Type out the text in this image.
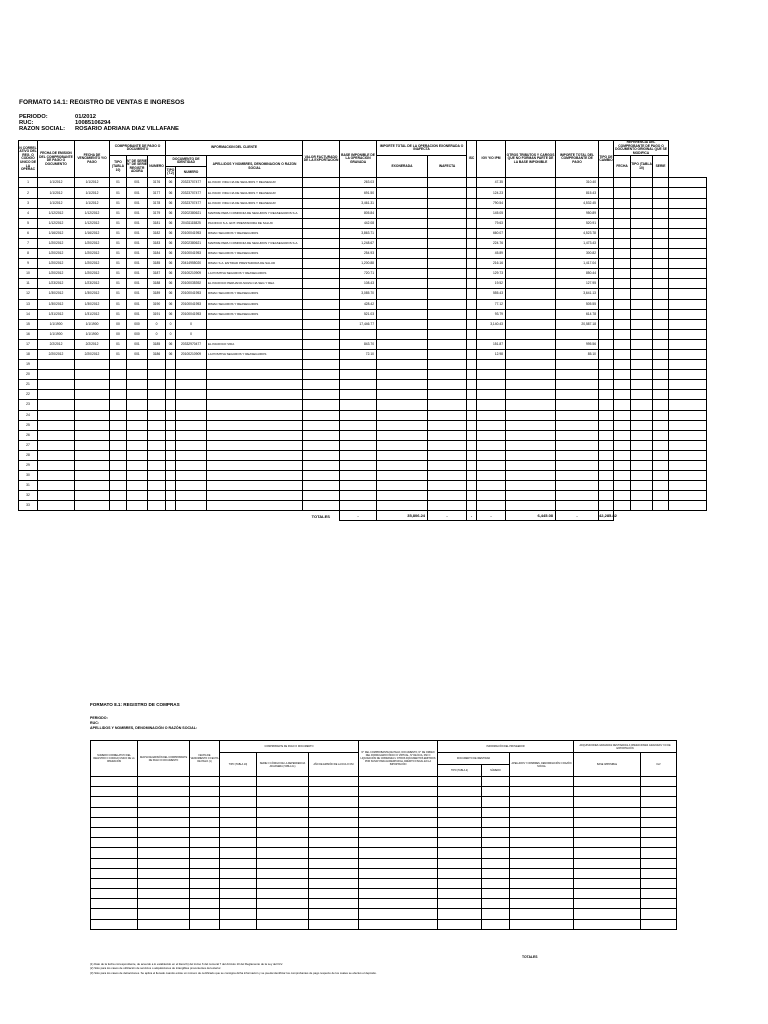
FORMATO 14.1: REGISTRO DE VENTAS E INGRESOS
PERIODO:	01/2012
RUC:	10085106294
RAZON SOCIAL:	ROSARIO ADRIANA DIAZ VILLAFANE
N CORREL ATIVO DEL REG. O CODIGO UNICO DE LA OPERAC	FECHA DE EMISION DEL COMPROBANTE DE PAGO O DOCUMENTO	FECHA DE VENCIMIENTO Y/O PAGO	COMPROBANTE DE PAGO O DOCUMENTO			INFORMACION DEL CLIENTE			VALOR FACTURADO DE LA EXPORTACIÓN	BASE IMPONIBLE DE LA OPERACIÓN GRAVADA	IMPORTE TOTAL DE LA OPERACION EXONERADA O INAFECTA		ISC	IGV Y/O IPM	OTROS TRIBUTOS Y CARGOS QUE NO FORMAN PARTE DE LA BASE IMPONIBLE	IMPORTE TOTAL DEL COMPROBANTE DE PAGO	TIPO DE CAMBIO	REFERENCIA DEL COMPROBANTE DE PAGO O DOCUMENTO ORIGINAL QUE SE MODIFICA			
			TIPO (TABLA 10)	N° DE SERIE N° DE SERIE REGISTR ADORA	NUMERO	DOCUMENTO DE IDENTIDAD		APELLIDOS Y NOMBRES, DENOMINACION O RAZON SOCIAL			EXONERADA	INAFECTA						FECHA	TIPO (TABLA 10)	SERIE	
						TIPO (T.2)	NUMERO														

1	1/1/2012	1/1/2012	01	001	3176	06	20323707477	EL PACIF VIDA CIA DE SEGUROS Y REASEGUR		263.03				47.35		310.40					
2	1/1/2012	1/1/2012	01	001	3177	06	20323707477	EL PACIF VIDA CIA DE SEGUROS Y REASEGUR		691.50				124.23		815.43					
3	1/1/2012	1/1/2012	01	001	3178	06	20323707477	EL PACIF VIDA CIA DE SEGUROS Y REASEGUR		3,461.31				790.54		4,532.45					
4	1/12/2012	1/12/2012	01	001	3179	06	20202380621	MAPFRE PERU COMPANIA DE SEGUROS Y REASEGUROS S.A.		805.84				145.05		950.89					
5	1/12/2012	1/12/2012	01	001	3181	06	20431115825	PACIFICO S.A. ENT. PRESTADORA DE SALUD		442.08				79.63		520.91					
6	1/16/2012	1/16/2012	01	001	3182	06	20100041953	RIMAC SEGUROS Y REASEGUROS		3,863.71				660.07		4,523.78					
7	1/20/2012	1/20/2012	01	001	3183	06	20202380621	MAPFRE PERU COMPANIA DE SEGUROS Y REASEGUROS S.A.		1,248.67				224.76		1,473.43					
8	1/20/2012	1/20/2012	01	001	3184	06	20100041953	RIMAC SEGUROS Y REASEGUROS		254.93				45.89		300.82					
9	1/20/2012	1/20/2012	01	001	3185	06	20414955020	RIMAC S.A. ENTIDAD PRESTADORA DE SALUD		1,200.88				216.16		1,417.04					
10	1/20/2012	1/20/2012	01	001	3187	06	20100210909	LA POSITIVA SEGUROS Y REASEGUROS		720.71				129.73		850.44					
11	1/23/2012	1/23/2012	01	001	3188	06	20100035392	EL PACIFICO PERUANO-SUIZA CIA SEG Y REA		108.43				19.52		127.95					
12	1/30/2012	1/30/2012	01	001	3189	06	20100041953	RIMAC SEGUROS Y REASEGUROS		3,085.70				555.43		3,641.13					
13	1/30/2012	1/30/2012	01	001	3190	06	20100041953	RIMAC SEGUROS Y REASEGUROS		428.42				77.12		505.55					
14	1/31/2012	1/31/2012	01	001	3191	06	20100041953	RIMAC SEGUROS Y REASEGUROS		521.03				93.79		614.78					
15	1/1/1900	1/1/1900	00	000	0	0	0			17,446.77				3,140.43		20,587.18					
16	1/1/1900	1/1/1900	00	000	0	0	0														
17	2/2/2012	2/2/2012	01	001	3185	06	20332970477	EL PACIFICO VIDA		843.70				151.87		995.56					
18	2/20/2012	2/20/2012	01	001	3186	06	20100210909	LA POSITIVA SEGUROS Y REASEGUROS		72.10				12.98		85.10					
19																					
20																					
21																					
22																					
23																					
24																					
25																					
26																					
27																					
28																					
29																					
30																					
31																					
32																					
33																					
									TOTALES	-	35,806.24	-	-	-	6,445.08	-	42,285.82				
FORMATO 8.1: REGISTRO DE COMPRAS
PERIODO:
RUC:
APELLIDOS Y NOMBRES, DENOMINACIÓN O RAZÓN SOCIAL:
NUMERO CORRELATIVO DEL REGISTRO O CODIGO UNICO DE LA OPERACIÓN	FECHA DE EMISIÓN DEL COMPROBANTE DE PAGO O DOCUMENTO	FECHA DE VENCIMIENTO O FECHA DE PAGO (1)	COMPROBANTE DE PAGO O DOCUMENTO			N° DEL COMPROBANTE DE PAGO, DOCUMENTO, N° DE ORDEN DEL FORMULARIO FÍSICO O VIRTUAL, N° DE DUA, DSI O LIQUIDACIÓN DE COBRANZA U OTROS DOCUMENTOS EMITIDOS POR SUNAT PARA ACREDITAR EL CRÉDITO FISCAL EN LA IMPORTACIÓN	INFORMACIÓN DEL PROVEEDOR			ADQUISICIONES GRAVADAS DESTINADAS A OPERACIONES GRAVADAS Y/O DE EXPORTACIÓN	
			TIPO (TABLA 10)	SERIE O CÓDIGO DE LA DEPENDENCIA ADUANERA (TABLA 11)	AÑO DE EMISIÓN DE LA DUA O DSI		DOCUMENTO DE IDENTIDAD		APELLIDOS Y NOMBRES, DENOMINACIÓN O RAZÓN SOCIAL	BASE IMPONIBLE	IGV
							TIPO (TABLA 2)	NÚMERO			

TOTALES
(1) Dato de la fecha correspondiente, de acuerdo a lo establecido en el literal b) del inciso 6 del numeral 7 del Artículo 10 del Reglamento de la Ley del IGV.
(2) Sólo para los casos de utilización de servicios o adquisiciones de intangibles provenientes del exterior.
(3) Sólo para los casos de detracciones. Se aplica el llenado cuando existe un número de certificado que se consigna dicha información y se pueda identificar los comprobantes de pago respecto de los cuales se efectuó el depósito.
